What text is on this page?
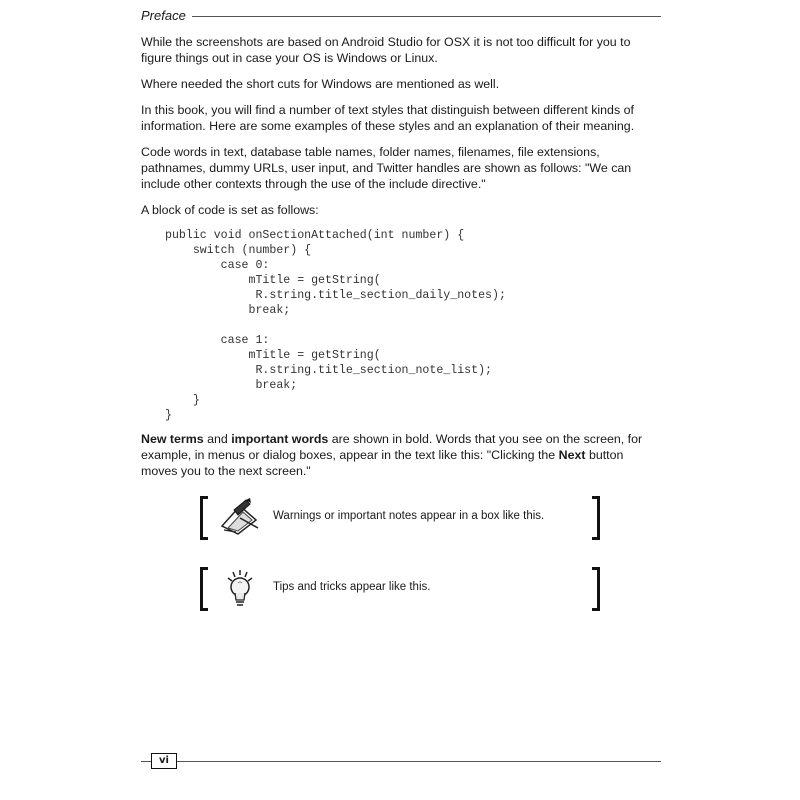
Preface

While the screenshots are based on Android Studio for OSX it is not too difficult for you to figure things out in case your OS is Windows or Linux.

Where needed the short cuts for Windows are mentioned as well.

In this book, you will find a number of text styles that distinguish between different kinds of information. Here are some examples of these styles and an explanation of their meaning.

Code words in text, database table names, folder names, filenames, file extensions, pathnames, dummy URLs, user input, and Twitter handles are shown as follows: "We can include other contexts through the use of the include directive."

A block of code is set as follows:

public void onSectionAttached(int number) {
switch (number) {
case 0:
mTitle = getString(
R.string.title_section_daily_notes);
break;

case 1:
mTitle = getString(
R.string.title_section_note_list);
break;
}
}

New terms and important words are shown in bold. Words that you see on the screen, for example, in menus or dialog boxes, appear in the text like this: "Clicking the Next button moves you to the next screen."

Warnings or important notes appear in a box like this.
Tips and tricks appear like this.
vi
